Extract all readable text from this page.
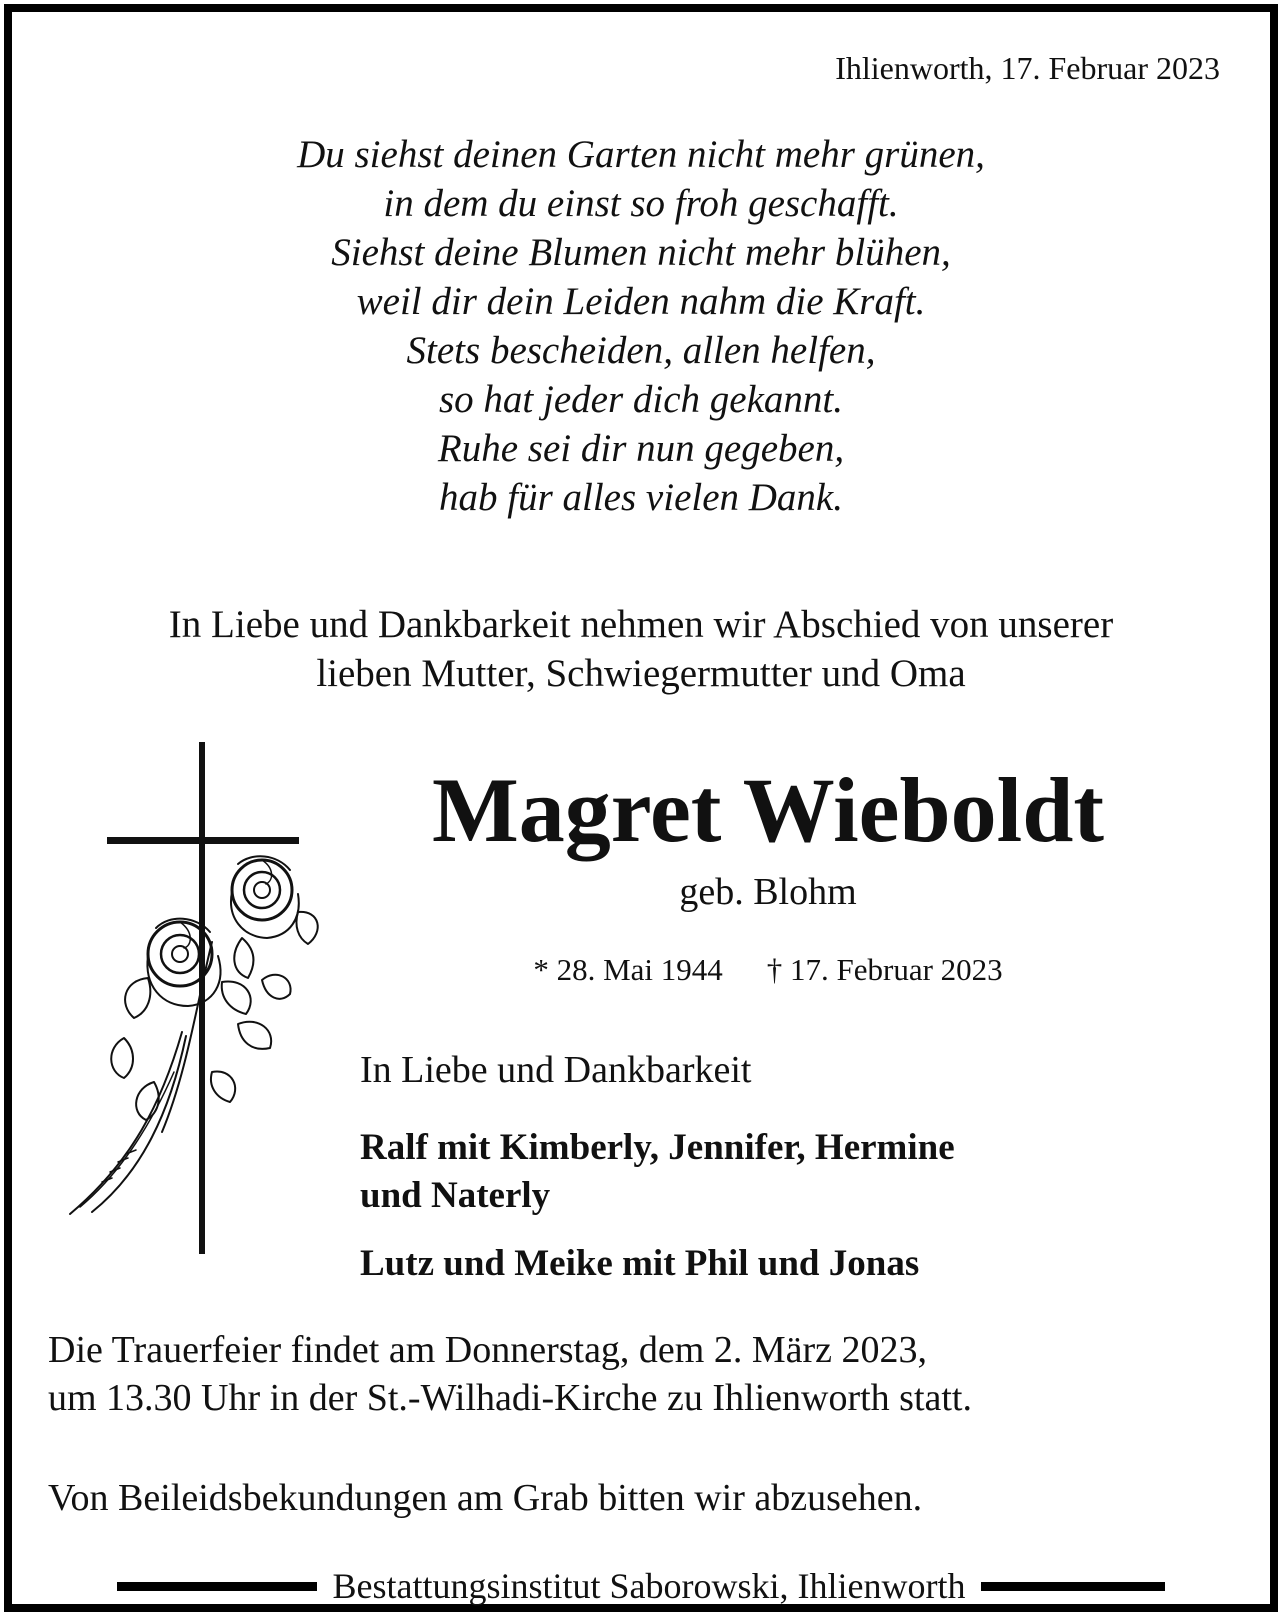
Ihlienworth, 17. Februar 2023
Du siehst deinen Garten nicht mehr grünen,
in dem du einst so froh geschafft.
Siehst deine Blumen nicht mehr blühen,
weil dir dein Leiden nahm die Kraft.
Stets bescheiden, allen helfen,
so hat jeder dich gekannt.
Ruhe sei dir nun gegeben,
hab für alles vielen Dank.
In Liebe und Dankbarkeit nehmen wir Abschied von unserer
lieben Mutter, Schwiegermutter und Oma
Magret Wieboldt
geb. Blohm
* 28. Mai 1944 † 17. Februar 2023
In Liebe und Dankbarkeit
Ralf mit Kimberly, Jennifer, Hermine
und Naterly
Lutz und Meike mit Phil und Jonas
Die Trauerfeier findet am Donnerstag, dem 2. März 2023,
um 13.30 Uhr in der St.-Wilhadi-Kirche zu Ihlienworth statt.
Von Beileidsbekundungen am Grab bitten wir abzusehen.
Bestattungsinstitut Saborowski, Ihlienworth
